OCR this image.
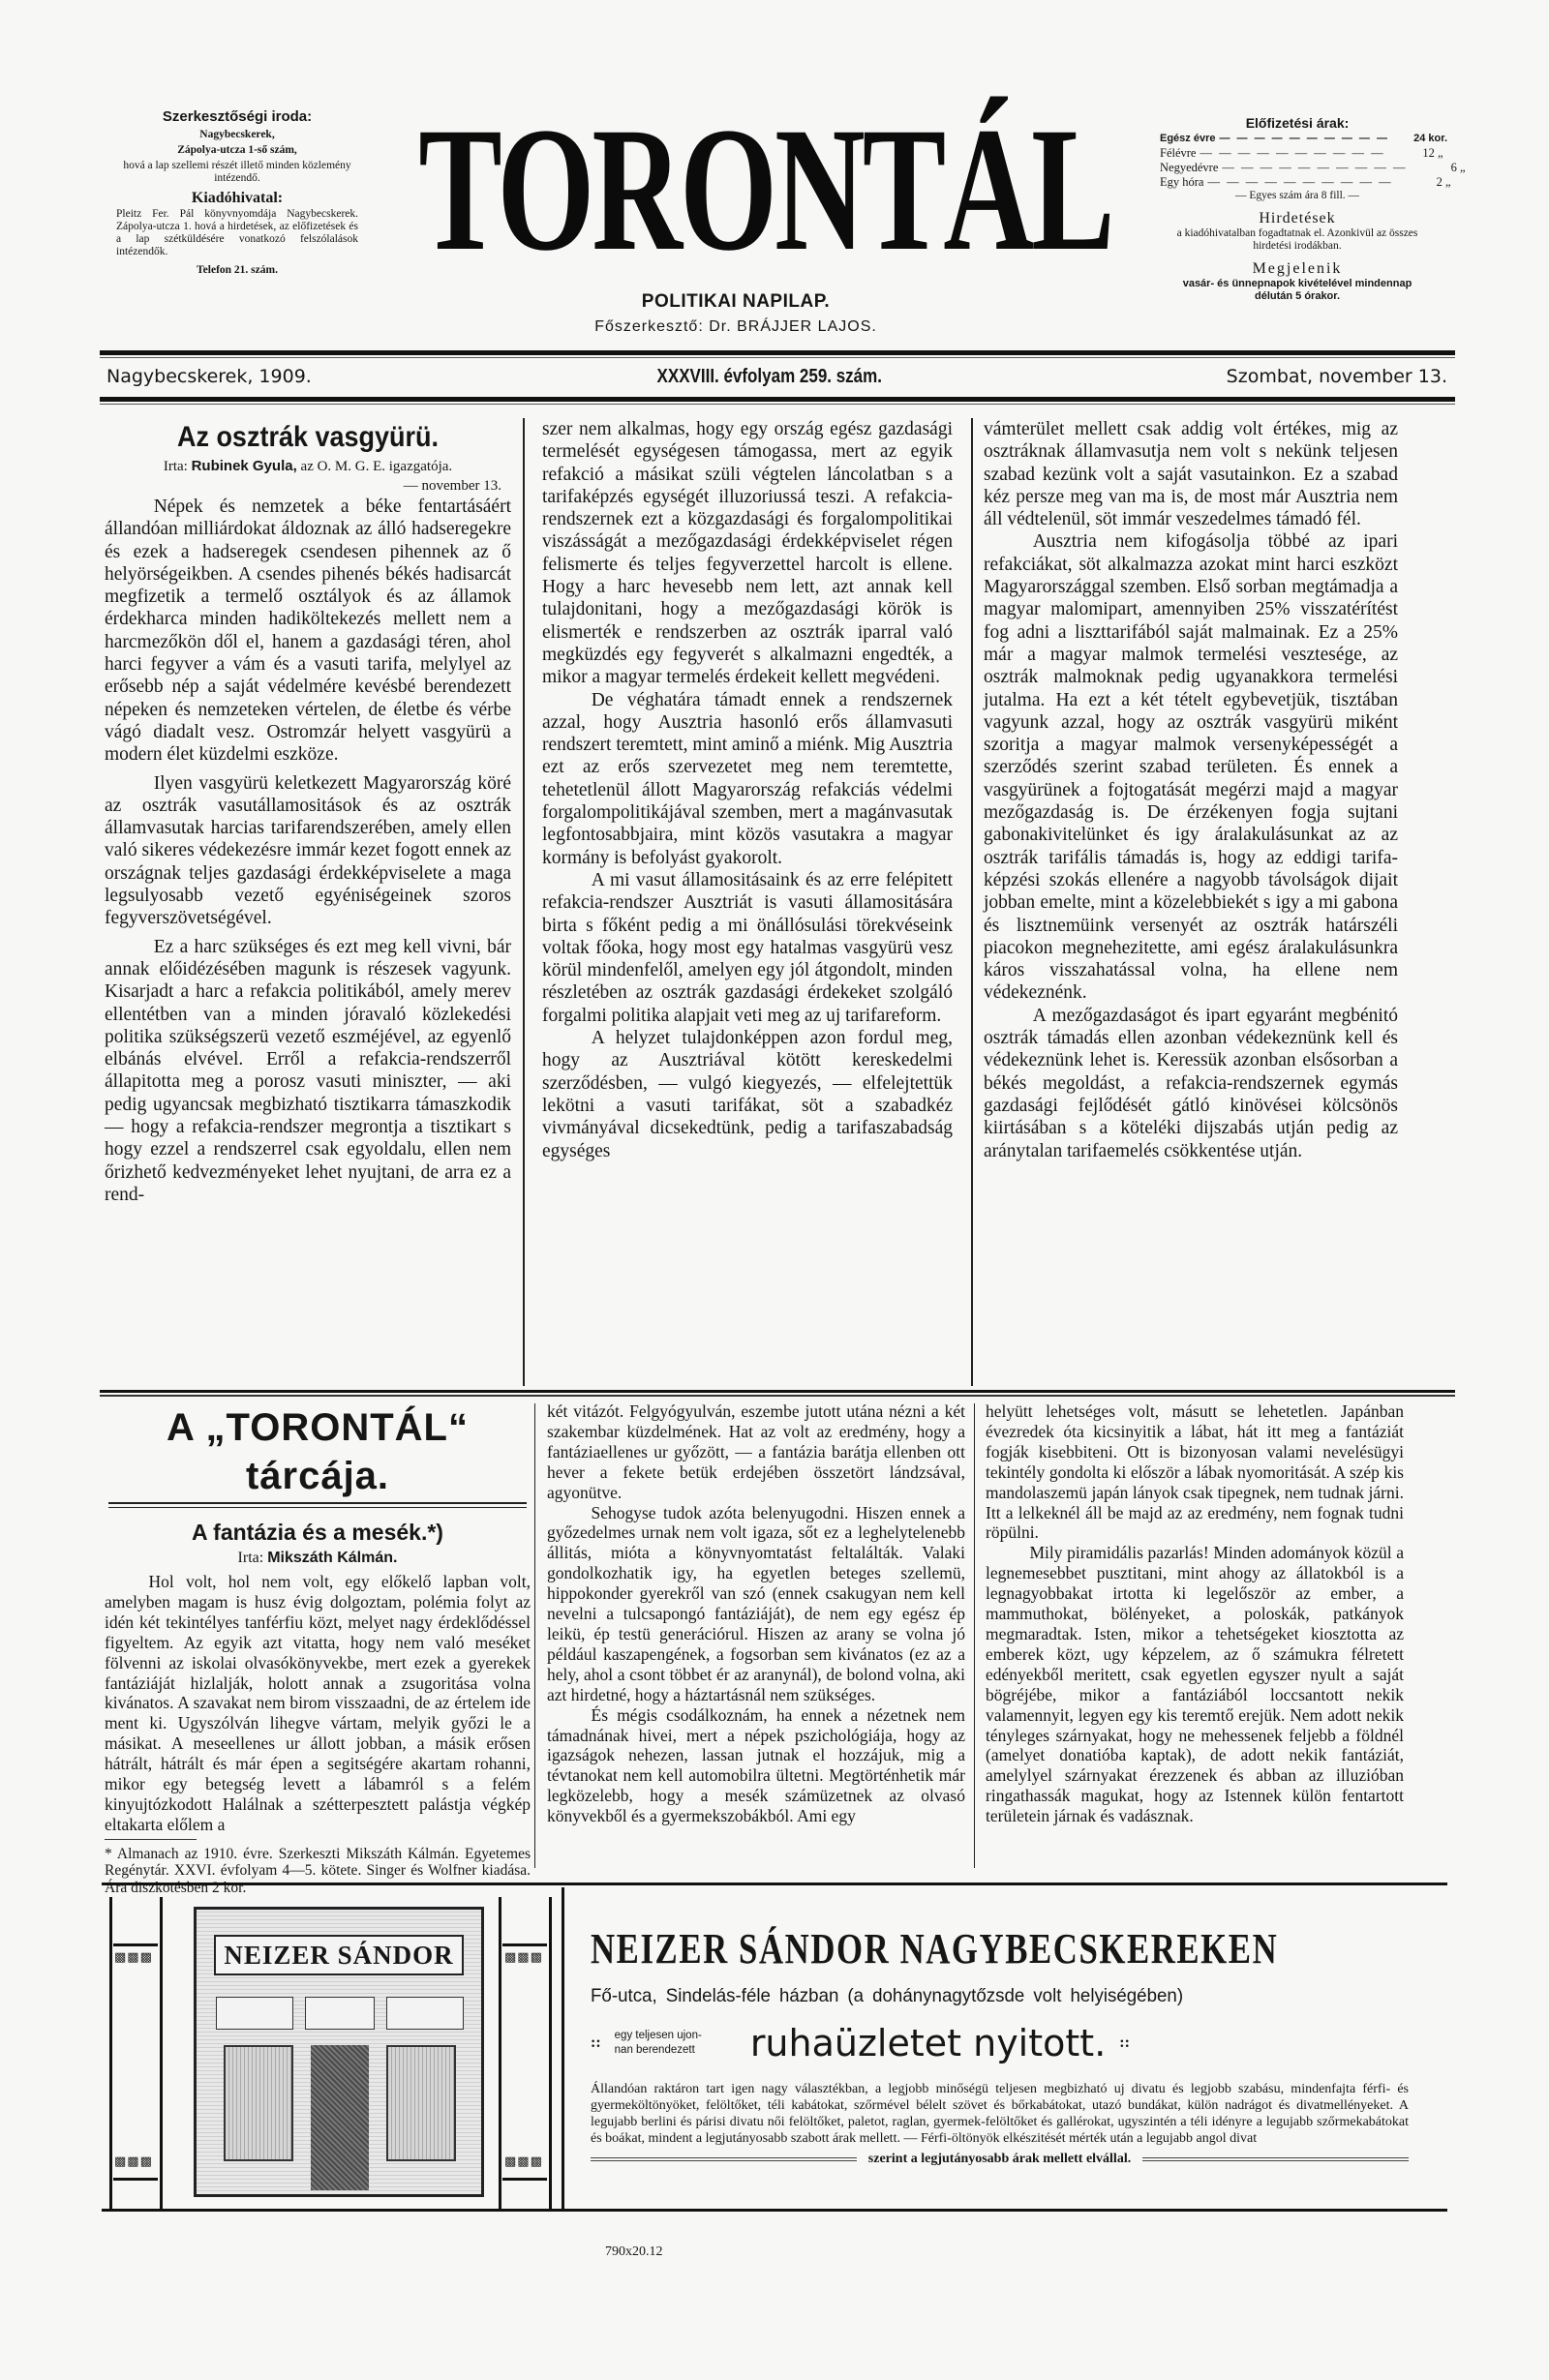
Szerkesztőségi iroda:
Nagybecskerek,
Zápolya-utcza 1-ső szám,
hová a lap szellemi részét illető minden közlemény intézendő.
Kiadóhivatal:
Pleitz Fer. Pál könyvnyomdája Nagybecskerek. Zápolya-utcza 1. hová a hirdetések, az előfizetések és a lap szétküldésére vonatkozó felszólalások intézendők.
Telefon 21. szám. TORONTÁL
POLITIKAI NAPILAP.
Főszerkesztő: Dr. BRÁJJER LAJOS.
Előfizetési árak:
Egész évre — — — — — — — — — —	24 kor.
Félévre — — — — — — — — — —	12 „
Negyedévre — — — — — — — — — —	6 „
Egy hóra — — — — — — — — — —	2 „
— Egyes szám ára 8 fill. —
Hirdetések
a kiadóhivatalban fogadtatnak el. Azonkivül az összes hirdetési irodákban.
Megjelenik
vasár- és ünnepnapok kivételével mindennap délután 5 órakor.
Nagybecskerek, 1909.	XXXVIII. évfolyam 259. szám.	Szombat, november 13.
Az osztrák vasgyürü.
Irta: Rubinek Gyula, az O. M. G. E. igazgatója.
— november 13.

Népek és nemzetek a béke fentartásáért állandóan milliárdokat áldoznak az álló hadseregekre és ezek a hadseregek csendesen pihennek az ő helyörségeikben. A csendes pihenés békés hadisarcát megfizetik a termelő osztályok és az államok érdekharca minden hadiköltekezés mellett nem a harcmezőkön dől el, hanem a gazdasági téren, ahol harci fegyver a vám és a vasuti tarifa, melylyel az erősebb nép a saját védelmére kevésbé berendezett népeken és nemzeteken vértelen, de életbe és vérbe vágó diadalt vesz. Ostromzár helyett vasgyürü a modern élet küzdelmi eszköze.

Ilyen vasgyürü keletkezett Magyarország köré az osztrák vasutállamositások és az osztrák államvasutak harcias tarifarendszerében, amely ellen való sikeres védekezésre immár kezet fogott ennek az országnak teljes gazdasági érdekképviselete a maga legsulyosabb vezető egyéniségeinek szoros fegyverszövetségével.

Ez a harc szükséges és ezt meg kell vivni, bár annak előidézésében magunk is részesek vagyunk. Kisarjadt a harc a refakcia politikából, amely merev ellentétben van a minden jóravaló közlekedési politika szükségszerü vezető eszméjével, az egyenlő elbánás elvével. Erről a refakcia-rendszerről állapitotta meg a porosz vasuti miniszter, — aki pedig ugyancsak megbizható tisztikarra támaszkodik — hogy a refakcia-rendszer megrontja a tisztikart s hogy ezzel a rendszerrel csak egyoldalu, ellen nem őrizhető kedvezményeket lehet nyujtani, de arra ez a rend-

szer nem alkalmas, hogy egy ország egész gazdasági termelését egységesen támogassa, mert az egyik refakció a másikat szüli végtelen láncolatban s a tarifaképzés egységét illuzoriussá teszi. A refakcia-rendszernek ezt a közgazdasági és forgalompolitikai viszásságát a mezőgazdasági érdekképviselet régen felismerte és teljes fegyverzettel harcolt is ellene. Hogy a harc hevesebb nem lett, azt annak kell tulajdonitani, hogy a mezőgazdasági körök is elismerték e rendszerben az osztrák iparral való megküzdés egy fegyverét s alkalmazni engedték, a mikor a magyar termelés érdekeit kellett megvédeni.

De véghatára támadt ennek a rendszernek azzal, hogy Ausztria hasonló erős államvasuti rendszert teremtett, mint aminő a miénk. Mig Ausztria ezt az erős szervezetet meg nem teremtette, tehetetlenül állott Magyarország refakciás védelmi forgalompolitikájával szemben, mert a magánvasutak legfontosabbjaira, mint közös vasutakra a magyar kormány is befolyást gyakorolt.

A mi vasut államositásaink és az erre felépitett refakcia-rendszer Ausztriát is vasuti államositására birta s főként pedig a mi önállósulási törekvéseink voltak főoka, hogy most egy hatalmas vasgyürü vesz körül mindenfelől, amelyen egy jól átgondolt, minden részletében az osztrák gazdasági érdekeket szolgáló forgalmi politika alapjait veti meg az uj tarifareform.

A helyzet tulajdonképpen azon fordul meg, hogy az Ausztriával kötött kereskedelmi szerződésben, — vulgó kiegyezés, — elfelejtettük lekötni a vasuti tarifákat, söt a szabadkéz vivmányával dicsekedtünk, pedig a tarifaszabadság egységes

vámterület mellett csak addig volt értékes, mig az osztráknak államvasutja nem volt s nekünk teljesen szabad kezünk volt a saját vasutainkon. Ez a szabad kéz persze meg van ma is, de most már Ausztria nem áll védtelenül, söt immár veszedelmes támadó fél.

Ausztria nem kifogásolja többé az ipari refakciákat, söt alkalmazza azokat mint harci eszközt Magyarországgal szemben. Első sorban megtámadja a magyar malomipart, amennyiben 25% visszatérítést fog adni a liszttarifából saját malmainak. Ez a 25% már a magyar malmok termelési vesztesége, az osztrák malmoknak pedig ugyanakkora termelési jutalma. Ha ezt a két tételt egybevetjük, tisztában vagyunk azzal, hogy az osztrák vasgyürü miként szoritja a magyar malmok versenyképességét a szerződés szerint szabad területen. És ennek a vasgyürünek a fojtogatását megérzi majd a magyar mezőgazdaság is. De érzékenyen fogja sujtani gabonakivitelünket és igy áralakulásunkat az az osztrák tarifális támadás is, hogy az eddigi tarifa-képzési szokás ellenére a nagyobb távolságok dijait jobban emelte, mint a közelebbiekét s igy a mi gabona és lisztnemüink versenyét az osztrák határszéli piacokon megnehezitette, ami egész áralakulásunkra káros visszahatással volna, ha ellene nem védekeznénk.

A mezőgazdaságot és ipart egyaránt megbénitó osztrák támadás ellen azonban védekeznünk kell és védekeznünk lehet is. Keressük azonban elsősorban a békés megoldást, a refakcia-rendszernek egymás gazdasági fejlődését gátló kinövései kölcsönös kiirtásában s a köteléki dijszabás utján pedig az aránytalan tarifaemelés csökkentése utján.

A „TORONTÁL“ tárcája.
A fantázia és a mesék.*)
Irta: Mikszáth Kálmán.

Hol volt, hol nem volt, egy előkelő lapban volt, amelyben magam is husz évig dolgoztam, polémia folyt az idén két tekintélyes tanférfiu közt, melyet nagy érdeklődéssel figyeltem. Az egyik azt vitatta, hogy nem való meséket fölvenni az iskolai olvasókönyvekbe, mert ezek a gyerekek fantáziáját hizlalják, holott annak a zsugoritása volna kivánatos. A szavakat nem birom visszaadni, de az értelem ide ment ki. Ugyszólván lihegve vártam, melyik győzi le a másikat. A meseellenes ur állott jobban, a másik erősen hátrált, hátrált és már épen a segitségére akartam rohanni, mikor egy betegség levett a lábamról s a felém kinyujtózkodott Halálnak a szétterpesztett palástja végkép eltakarta előlem a

* Almanach az 1910. évre. Szerkeszti Mikszáth Kálmán. Egyetemes Regénytár. XXVI. évfolyam 4—5. kötete. Singer és Wolfner kiadása. Ára diszkötésben 2 kor.

két vitázót. Felgyógyulván, eszembe jutott utána nézni a két szakembar küzdelmének. Hat az volt az eredmény, hogy a fantáziaellenes ur győzött, — a fantázia barátja ellenben ott hever a fekete betük erdejében összetört lándzsával, agyonütve.

Sehogyse tudok azóta belenyugodni. Hiszen ennek a győzedelmes urnak nem volt igaza, sőt ez a leghelytelenebb állitás, mióta a könyvnyomtatást feltalálták. Valaki gondolkozhatik igy, ha egyetlen beteges szellemü, hippokonder gyerekről van szó (ennek csakugyan nem kell nevelni a tulcsapongó fantáziáját), de nem egy egész ép leikü, ép testü generációrul. Hiszen az arany se volna jó például kaszapengének, a fogsorban sem kivánatos (ez az a hely, ahol a csont többet ér az aranynál), de bolond volna, aki azt hirdetné, hogy a háztartásnál nem szükséges.

És mégis csodálkoznám, ha ennek a nézetnek nem támadnának hivei, mert a népek pszichológiája, hogy az igazságok nehezen, lassan jutnak el hozzájuk, mig a tévtanokat nem kell automobilra ültetni. Megtörténhetik már legközelebb, hogy a mesék számüzetnek az olvasó könyvekből és a gyermekszobákból. Ami egy

helyütt lehetséges volt, másutt se lehetetlen. Japánban évezredek óta kicsinyitik a lábat, hát itt meg a fantáziát fogják kisebbiteni. Ott is bizonyosan valami nevelésügyi tekintély gondolta ki először a lábak nyomoritását. A szép kis mandolaszemü japán lányok csak tipegnek, nem tudnak járni. Itt a lelkeknél áll be majd az az eredmény, nem fognak tudni röpülni.

Mily piramidális pazarlás! Minden adományok közül a legnemesebbet pusztitani, mint ahogy az állatokból is a legnagyobbakat irtotta ki legelőször az ember, a mammuthokat, bölényeket, a poloskák, patkányok megmaradtak. Isten, mikor a tehetségeket kiosztotta az emberek közt, ugy képzelem, az ő számukra félretett edényekből meritett, csak egyetlen egyszer nyult a saját bögréjébe, mikor a fantáziából loccsantott nekik valamennyit, legyen egy kis teremtő erejük. Nem adott nekik tényleges szárnyakat, hogy ne mehessenek feljebb a földnél (amelyet donatióba kaptak), de adott nekik fantáziát, amelylyel szárnyakat érezzenek és abban az illuzióban ringathassák magukat, hogy az Istennek külön fentartott területein járnak és vadásznak.

▩▩▩
▩▩▩
NEIZER SÁNDOR	▩▩▩
▩▩▩
NEIZER SÁNDOR NAGYBECSKEREKEN
Fő-utca, Sindelás-féle házban (a dohánynagytőzsde volt helyiségében)
:: egy teljesen ujon-
nan berendezett ruhaüzletet nyitott. ::
Állandóan raktáron tart igen nagy választékban, a legjobb minőségü teljesen megbizható uj divatu és legjobb szabásu, mindenfajta férfi- és gyermeköltönyöket, felöltőket, téli kabátokat, szőrmével bélelt szövet és bőrkabátokat, utazó bundákat, külön nadrágot és divatmellényeket. A legujabb berlini és párisi divatu női felöltőket, paletot, raglan, gyermek-felöltőket és gallérokat, ugyszintén a téli idényre a legujabb szőrmekabátokat és boákat, mindent a legjutányosabb szabott árak mellett. — Férfi-öltönyök elkészitését mérték után a legujabb angol divat
szerint a legjutányosabb árak mellett elvállal.
790x20.12
